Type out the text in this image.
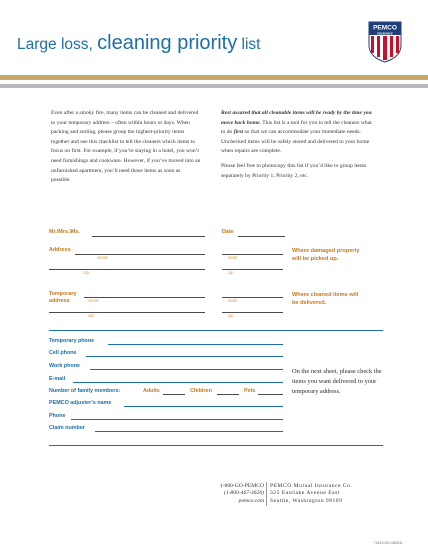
Large loss, cleaning priority list
PEMCO
INSURANCE

Even after a smoky fire, many items can be cleaned and delivered to your temporary address – often within hours or days. When packing and sorting, please group the highest-priority items together and use this checklist to tell the cleaners which items to focus on first. For example, if you’re staying in a hotel, you won’t need furnishings and cookware. However, if you’ve moved into an unfurnished apartment, you’ll need those items as soon as possible.

Rest assured that all cleanable items will be ready by the time you move back home. This list is a tool for you to tell the cleaners what to do first so that we can accommodate your immediate needs. Unchecked items will be safely stored and delivered to your home when repairs are complete.

Please feel free to photocopy this list if you’d like to group items separately by Priority 1, Priority 2, etc.

Mr.\Mrs.\Ms.	Date
Address
street	state
city	zip
Where damaged property will be picked up.
Temporary
address	street	state
city	zip
Where cleaned items will be delivered.
Temporary phone
Cell phone
Work phone
E-mail
Number of family members:	Adults	Children	Pets
PEMCO adjuster’s name
Phone
Claim number
On the next sheet, please check the items you want delivered to your temporary address.
1-800-GO-PEMCO
(1-800-467-3626)
pemco.com
PEMCO Mutual Insurance Co.
325 Eastlake Avenue East
Seattle, Washington 98109
7241S 001 05/2011
